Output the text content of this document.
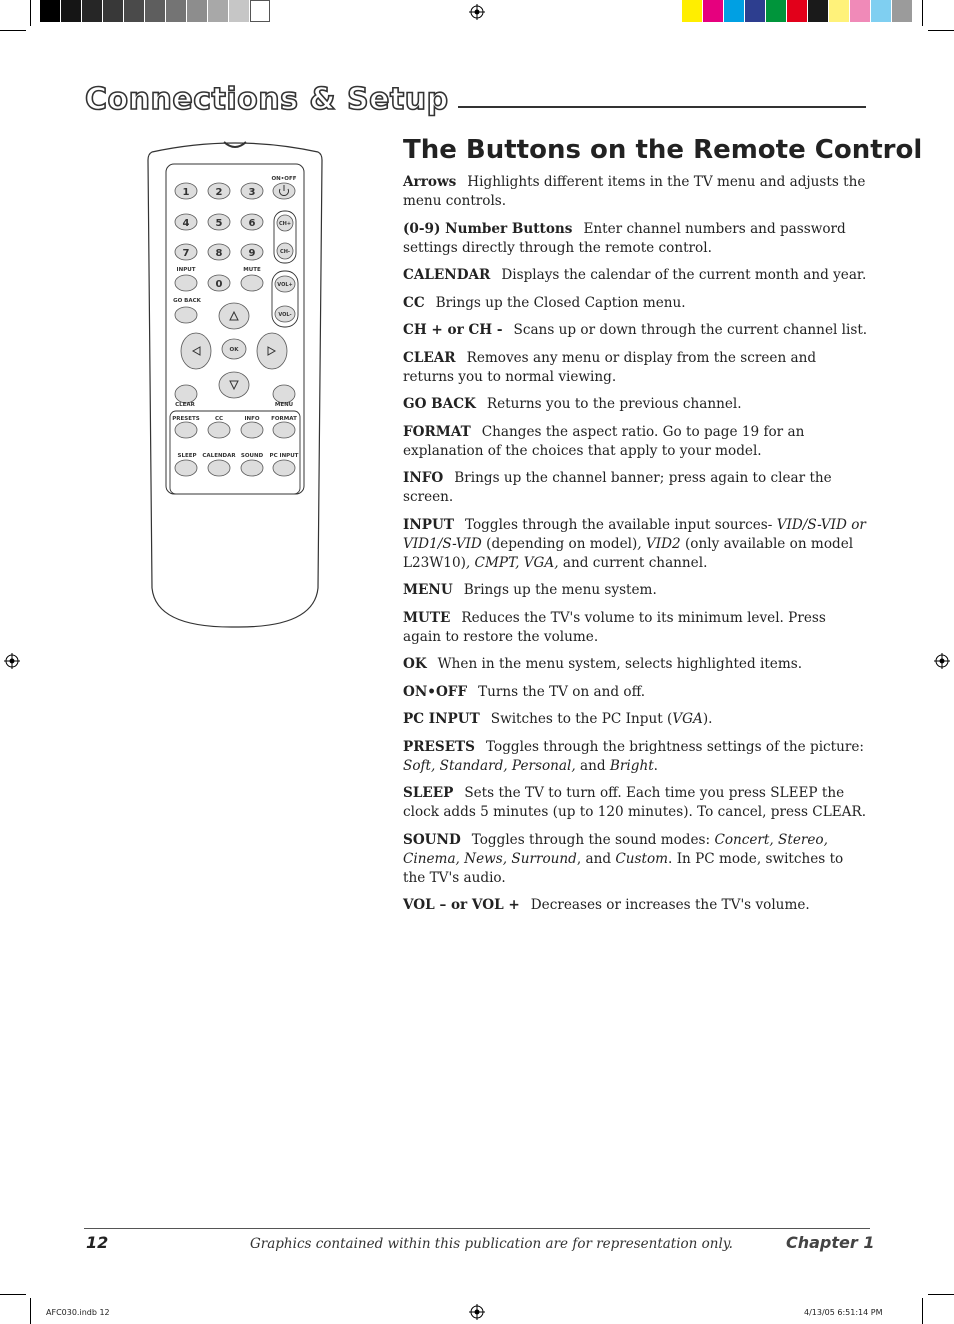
Connections & Setup
The Buttons on the Remote Control
ON•OFF
1	2	3
4	5	6
7	8	9
0
CH+
CH-
INPUT	MUTE
VOL+
VOL-
GO BACK
OK
CLEAR	MENU
PRESETS	CC	INFO FORMAT
SLEEP CALENDAR SOUND PC INPUT

Arrows Highlights different items in the TV menu and adjusts the menu controls.

(0-9) Number Buttons Enter channel numbers and password settings directly through the remote control.

CALENDAR Displays the calendar of the current month and year.

CC Brings up the Closed Caption menu.

CH + or CH - Scans up or down through the current channel list.

CLEAR Removes any menu or display from the screen and returns you to normal viewing.

GO BACK Returns you to the previous channel.

FORMAT Changes the aspect ratio. Go to page 19 for an explanation of the choices that apply to your model.

INFO Brings up the channel banner; press again to clear the screen.

INPUT Toggles through the available input sources- VID/S-VID or VID1/S-VID (depending on model), VID2 (only available on model L23W10), CMPT, VGA, and current channel.

MENU Brings up the menu system.

MUTE Reduces the TV's volume to its minimum level. Press again to restore the volume.

OK When in the menu system, selects highlighted items.

ON•OFF Turns the TV on and off.

PC INPUT Switches to the PC Input (VGA).

PRESETS Toggles through the brightness settings of the picture: Soft, Standard, Personal, and Bright.

SLEEP Sets the TV to turn off. Each time you press SLEEP the clock adds 5 minutes (up to 120 minutes). To cancel, press CLEAR.

SOUND Toggles through the sound modes: Concert, Stereo, Cinema, News, Surround, and Custom. In PC mode, switches to the TV's audio.

VOL – or VOL + Decreases or increases the TV's volume.

12	Graphics contained within this publication are for representation only.	Chapter 1
AFC030.indb 12	4/13/05 6:51:14 PM
